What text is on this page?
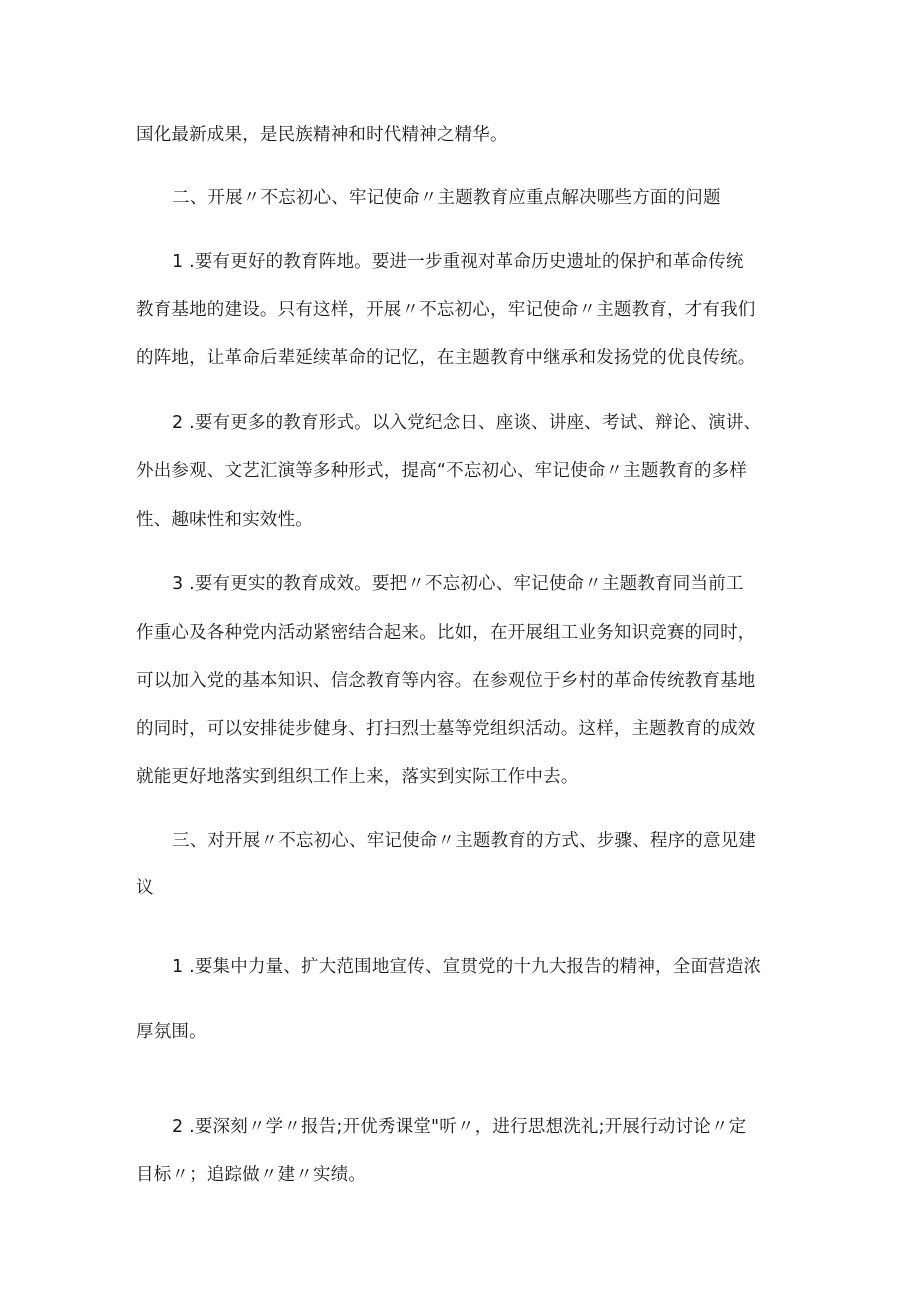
国化最新成果，是民族精神和时代精神之精华。
二、开展〃不忘初心、牢记使命〃主题教育应重点解决哪些方面的问题
1 .要有更好的教育阵地。要进一步重视对革命历史遗址的保护和革命传统
教育基地的建设。只有这样，开展〃不忘初心，牢记使命〃主题教育，才有我们
的阵地，让革命后辈延续革命的记忆，在主题教育中继承和发扬党的优良传统。
2 .要有更多的教育形式。以入党纪念日、座谈、讲座、考试、辩论、演讲、
外出参观、文艺汇演等多种形式，提高“不忘初心、牢记使命〃主题教育的多样
性、趣味性和实效性。
3 .要有更实的教育成效。要把〃不忘初心、牢记使命〃主题教育同当前工
作重心及各种党内活动紧密结合起来。比如，在开展组工业务知识竞赛的同时，
可以加入党的基本知识、信念教育等内容。在参观位于乡村的革命传统教育基地
的同时，可以安排徒步健身、打扫烈士墓等党组织活动。这样，主题教育的成效
就能更好地落实到组织工作上来，落实到实际工作中去。
三、对开展〃不忘初心、牢记使命〃主题教育的方式、步骤、程序的意见建
议
1 .要集中力量、扩大范围地宣传、宣贯党的十九大报告的精神，全面营造浓
厚氛围。
2 .要深刻〃学〃报告;开优秀课堂"听〃，进行思想洗礼;开展行动讨论〃定
目标〃；追踪做〃建〃实绩。
